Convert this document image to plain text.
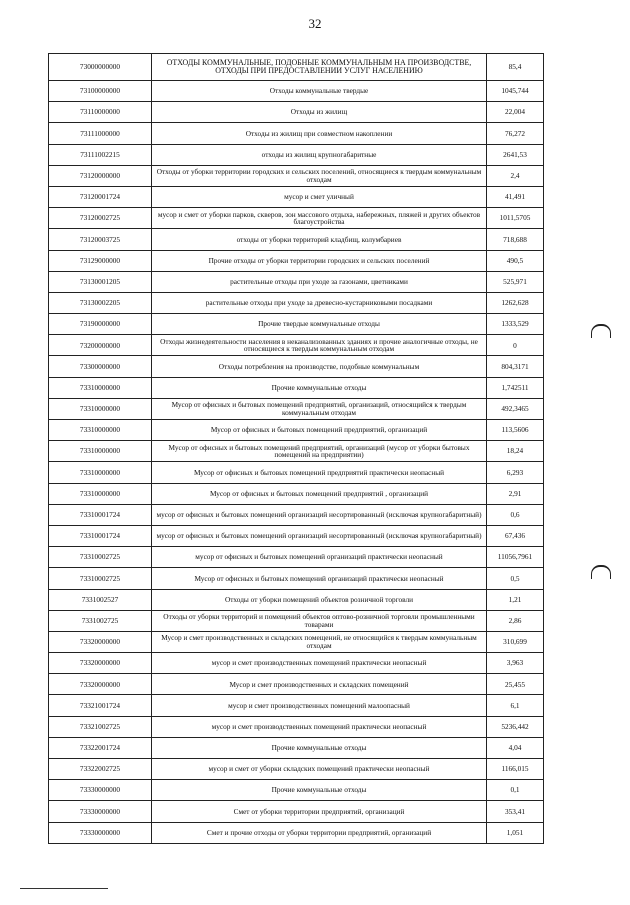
32
73000000000	ОТХОДЫ КОММУНАЛЬНЫЕ, ПОДОБНЫЕ КОММУНАЛЬНЫМ НА ПРОИЗВОДСТВЕ, ОТХОДЫ ПРИ ПРЕДОСТАВЛЕНИИ УСЛУГ НАСЕЛЕНИЮ	85,4
73100000000	Отходы коммунальные твердые	1045,744
73110000000	Отходы из жилищ	22,004
73111000000	Отходы из жилищ при совместном накоплении	76,272
73111002215	отходы из жилищ крупногабаритные	2641,53
73120000000	Отходы от уборки территории городских и сельских поселений, относящиеся к твердым коммунальным отходам	2,4
73120001724	мусор и смет уличный	41,491
73120002725	мусор и смет от уборки парков, скверов, зон массового отдыха, набережных, пляжей и других объектов благоустройства	1011,5705
73120003725	отходы от уборки территорий кладбищ, колумбариев	718,688
73129000000	Прочие отходы от уборки территории городских и сельских поселений	490,5
73130001205	растительные отходы при уходе за газонами, цветниками	525,971
73130002205	растительные отходы при уходе за древесно-кустарниковыми посадками	1262,628
73190000000	Прочие твердые коммунальные отходы	1333,529
73200000000	Отходы жизнедеятельности населения в неканализованных зданиях и прочие аналогичные отходы, не относящиеся к твердым коммунальным отходам	0
73300000000	Отходы потребления на производстве, подобные коммунальным	804,3171
73310000000	Прочие коммунальные отходы	1,742511
73310000000	Мусор от офисных и бытовых помещений предприятий, организаций, относящийся к твердым коммунальным отходам	492,3465
73310000000	Мусор от офисных и бытовых помещений предприятий, организаций	113,5606
73310000000	Мусор от офисных и бытовых помещений предприятий, организаций (мусор от уборки бытовых помещений на предприятии)	18,24
73310000000	Мусор от офисных и бытовых помещений предприятий практически неопасный	6,293
73310000000	Мусор от офисных и бытовых помещений предприятий , организаций	2,91
73310001724	мусор от офисных и бытовых помещений организаций несортированный (исключая крупногабаритный)	0,6
73310001724	мусор от офисных и бытовых помещений организаций несортированный (исключая крупногабаритный)	67,436
73310002725	мусор от офисных и бытовых помещений организаций практически неопасный	11056,7961
73310002725	Мусор от офисных и бытовых помещений организаций практически неопасный	0,5
7331002527	Отходы от уборки помещений объектов розничной торговли	1,21
7331002725	Отходы от уборки территорий и помещений объектов оптово-розничной торговли промышленными товарами	2,86
73320000000	Мусор и смет производственных и складских помещений, не относящийся к твердым коммунальным отходам	310,699
73320000000	мусор и смет производственных помещений практически неопасный	3,963
73320000000	Мусор и смет производственных и складских помещений	25,455
73321001724	мусор и смет производственных помещений малоопасный	6,1
73321002725	мусор и смет производственных помещений практически неопасный	5236,442
73322001724	Прочие коммунальные отходы	4,04
73322002725	мусор и смет от уборки складских помещений практически неопасный	1166,015
73330000000	Прочие коммунальные отходы	0,1
73330000000	Смет от уборки территории предприятий, организаций	353,41
73330000000	Смет и прочие отходы от уборки территории предприятий, организаций	1,051
